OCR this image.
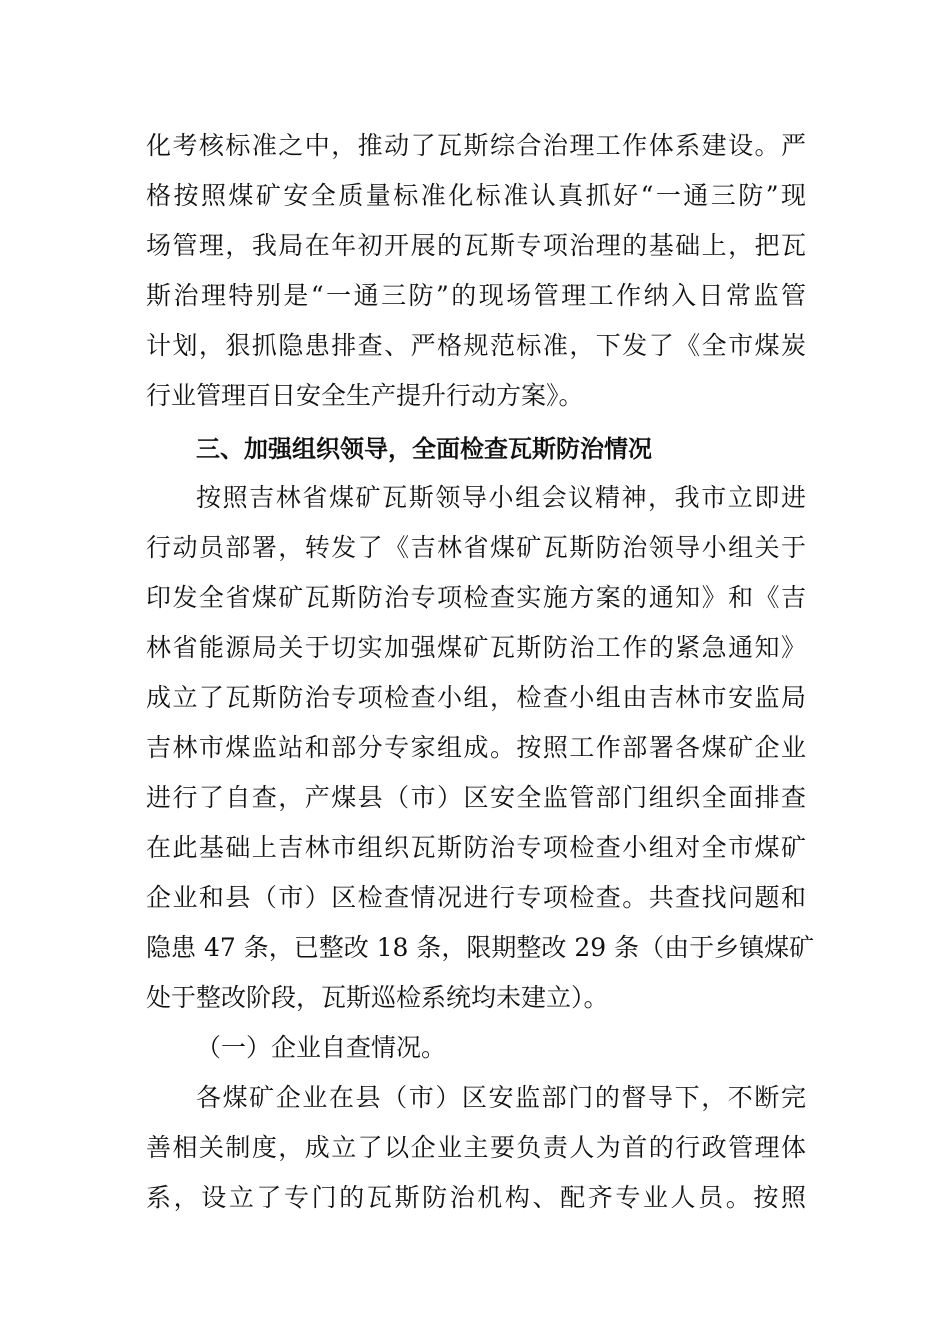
化考核标准之中，推动了瓦斯综合治理工作体系建设。严
格按照煤矿安全质量标准化标准认真抓好“一通三防”现
场管理，我局在年初开展的瓦斯专项治理的基础上，把瓦
斯治理特别是“一通三防”的现场管理工作纳入日常监管
计划，狠抓隐患排查、严格规范标准，下发了《全市煤炭
行业管理百日安全生产提升行动方案》。
三、加强组织领导，全面检查瓦斯防治情况
按照吉林省煤矿瓦斯领导小组会议精神，我市立即进
行动员部署，转发了《吉林省煤矿瓦斯防治领导小组关于
印发全省煤矿瓦斯防治专项检查实施方案的通知》和《吉
林省能源局关于切实加强煤矿瓦斯防治工作的紧急通知》
成立了瓦斯防治专项检查小组，检查小组由吉林市安监局
吉林市煤监站和部分专家组成。按照工作部署各煤矿企业
进行了自查，产煤县（市）区安全监管部门组织全面排查
在此基础上吉林市组织瓦斯防治专项检查小组对全市煤矿
企业和县（市）区检查情况进行专项检查。共查找问题和
隐患 47 条，已整改 18 条，限期整改 29 条（由于乡镇煤矿
处于整改阶段，瓦斯巡检系统均未建立）。
（一）企业自查情况。
各煤矿企业在县（市）区安监部门的督导下，不断完
善相关制度，成立了以企业主要负责人为首的行政管理体
系，设立了专门的瓦斯防治机构、配齐专业人员。按照
